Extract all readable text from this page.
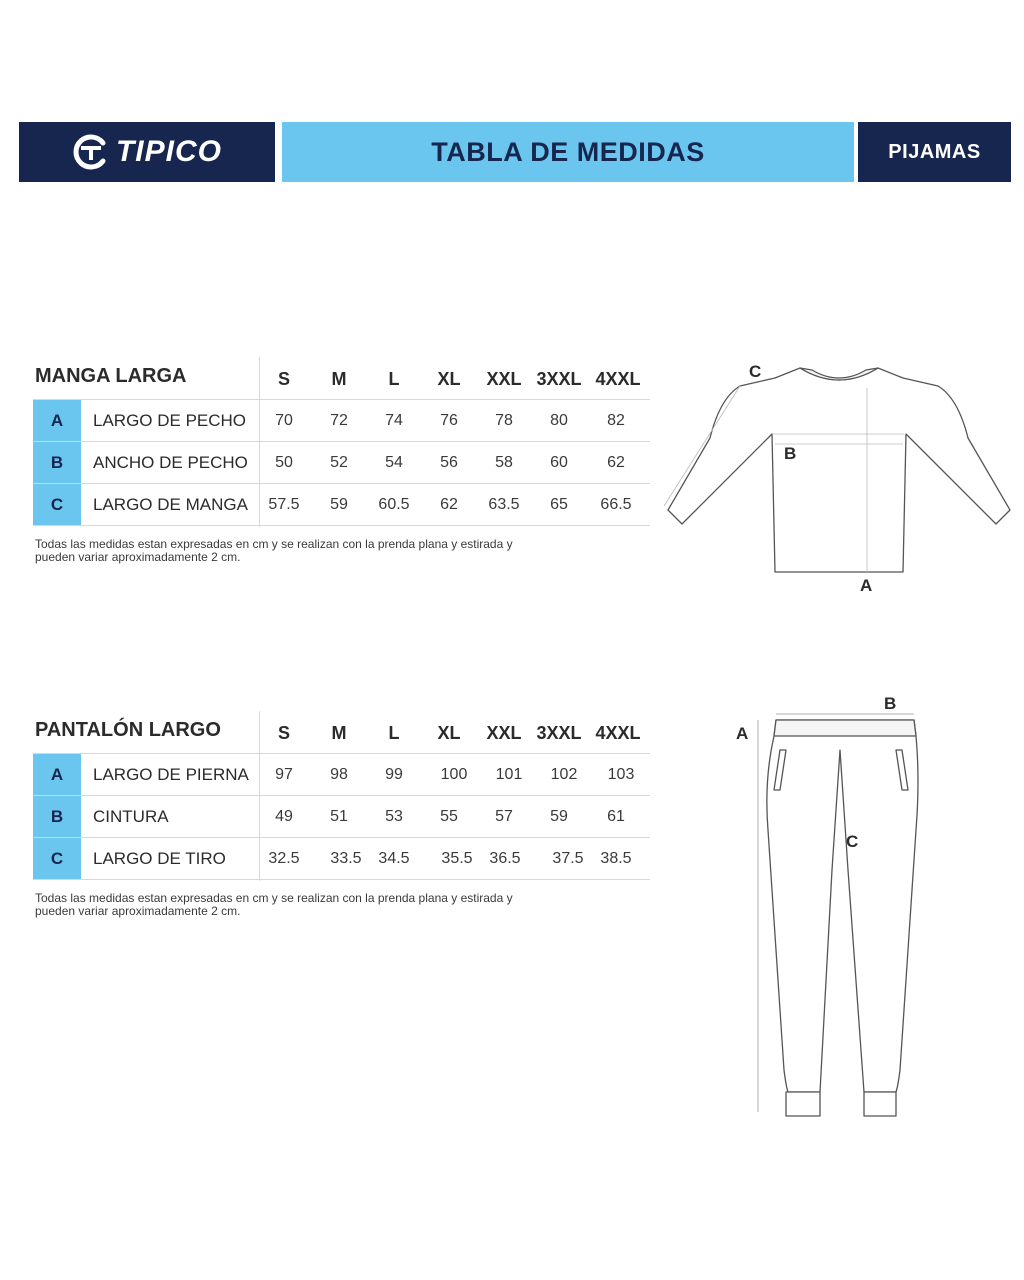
TIPICO	TABLA DE MEDIDAS	PIJAMAS
MANGA LARGA	S	M	L	XL	XXL 3XXL 4XXL
A	LARGO DE PECHO	70	72	74	76	78	80	82
B	ANCHO DE PECHO	50	52	54	56	58	60	62
C	LARGO DE MANGA	57.5	59	60.5	62	63.5	65	66.5
Todas las medidas estan expresadas en cm y se realizan con la prenda plana y estirada y
pueden variar aproximadamente 2 cm.
C
B
A
PANTALÓN LARGO	S	M	L	XL	XXL 3XXL 4XXL
A	LARGO DE PIERNA	97	98	99	100	101	102	103
B	CINTURA	49	51	53	55	57	59	61
C	LARGO DE TIRO	32.5	33.5	34.5	35.5	36.5	37.5	38.5
Todas las medidas estan expresadas en cm y se realizan con la prenda plana y estirada y
pueden variar aproximadamente 2 cm.
A
B
C
